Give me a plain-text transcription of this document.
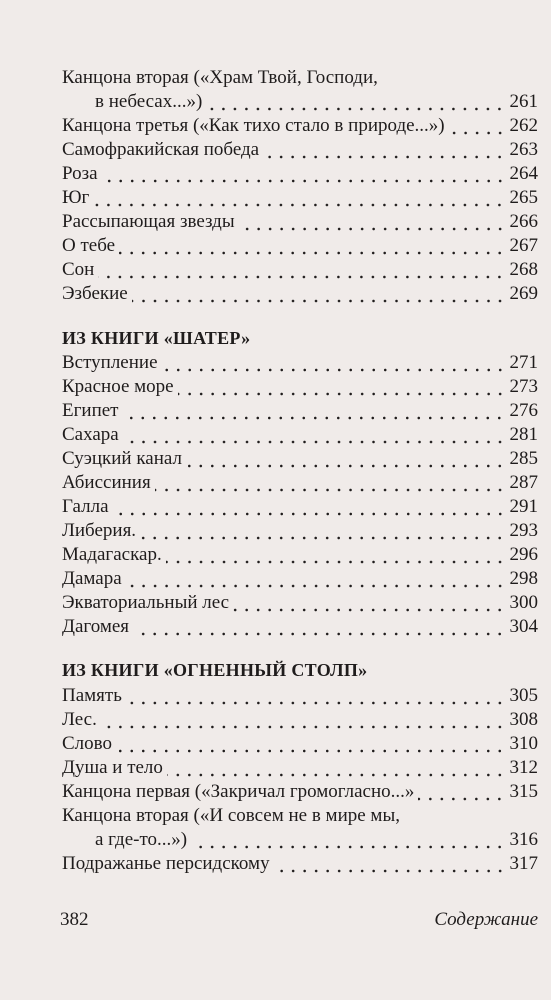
Канцона вторая («Храм Твой, Господи,
в небесах...»)	261
Канцона третья («Как тихо стало в природе...»)	262
Самофракийская победа	263
Роза	264
Юг	265
Рассыпающая звезды	266
О тебе	267
Сон	268
Эзбекие	269
ИЗ КНИГИ «ШАТЕР»
Вступление	271
Красное море	273
Египет	276
Сахара	281
Суэцкий канал	285
Абиссиния	287
Галла	291
Либерия.	293
Мадагаскар.	296
Дамара	298
Экваториальный лес	300
Дагомея	304
ИЗ КНИГИ «ОГНЕННЫЙ СТОЛП»
Память	305
Лес.	308
Слово	310
Душа и тело	312
Канцона первая («Закричал громогласно...»	315
Канцона вторая («И совсем не в мире мы,
а где-то...»)	316
Подражанье персидскому	317
382	Содержание
